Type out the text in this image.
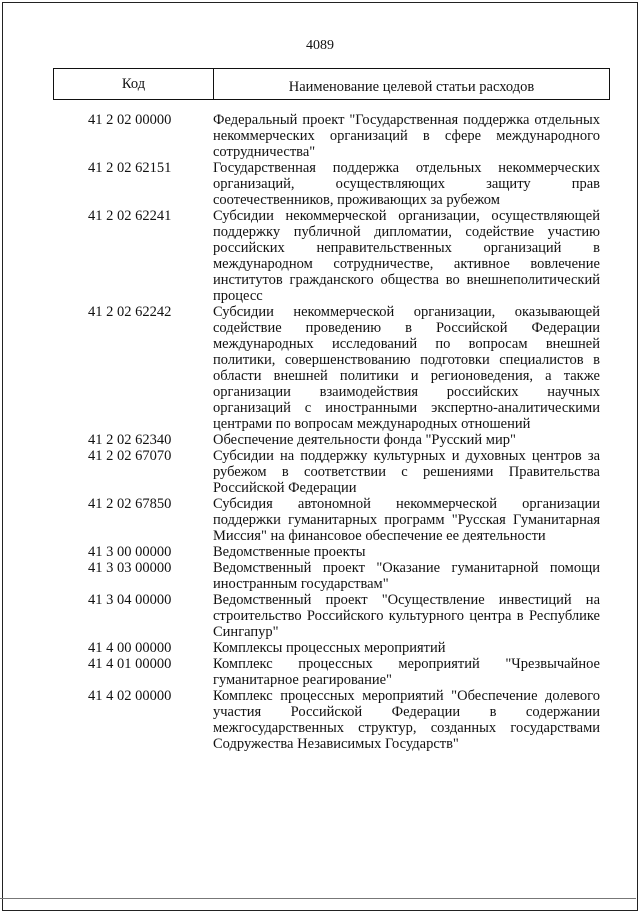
4089
Код	Наименование целевой статьи расходов
41 2 02 00000	Федеральный проект "Государственная поддержка отдельных некоммерческих организаций в сфере международного сотрудничества"
41 2 02 62151	Государственная поддержка отдельных некоммерческих организаций, осуществляющих защиту прав соотечественников, проживающих за рубежом
41 2 02 62241	Субсидии некоммерческой организации, осуществляющей поддержку публичной дипломатии, содействие участию российских неправительственных организаций в международном сотрудничестве, активное вовлечение институтов гражданского общества во внешнеполитический процесс
41 2 02 62242	Субсидии некоммерческой организации, оказывающей содействие проведению в Российской Федерации международных исследований по вопросам внешней политики, совершенствованию подготовки специалистов в области внешней политики и регионоведения, а также организации взаимодействия российских научных организаций с иностранными экспертно-аналитическими центрами по вопросам международных отношений
41 2 02 62340	Обеспечение деятельности фонда "Русский мир"
41 2 02 67070	Субсидии на поддержку культурных и духовных центров за рубежом в соответствии с решениями Правительства Российской Федерации
41 2 02 67850	Субсидия автономной некоммерческой организации поддержки гуманитарных программ "Русская Гуманитарная Миссия" на финансовое обеспечение ее деятельности
41 3 00 00000	Ведомственные проекты
41 3 03 00000	Ведомственный проект "Оказание гуманитарной помощи иностранным государствам"
41 3 04 00000	Ведомственный проект "Осуществление инвестиций на строительство Российского культурного центра в Республике Сингапур"
41 4 00 00000	Комплексы процессных мероприятий
41 4 01 00000	Комплекс процессных мероприятий "Чрезвычайное гуманитарное реагирование"
41 4 02 00000	Комплекс процессных мероприятий "Обеспечение долевого участия Российской Федерации в содержании межгосударственных структур, созданных государствами Содружества Независимых Государств"
